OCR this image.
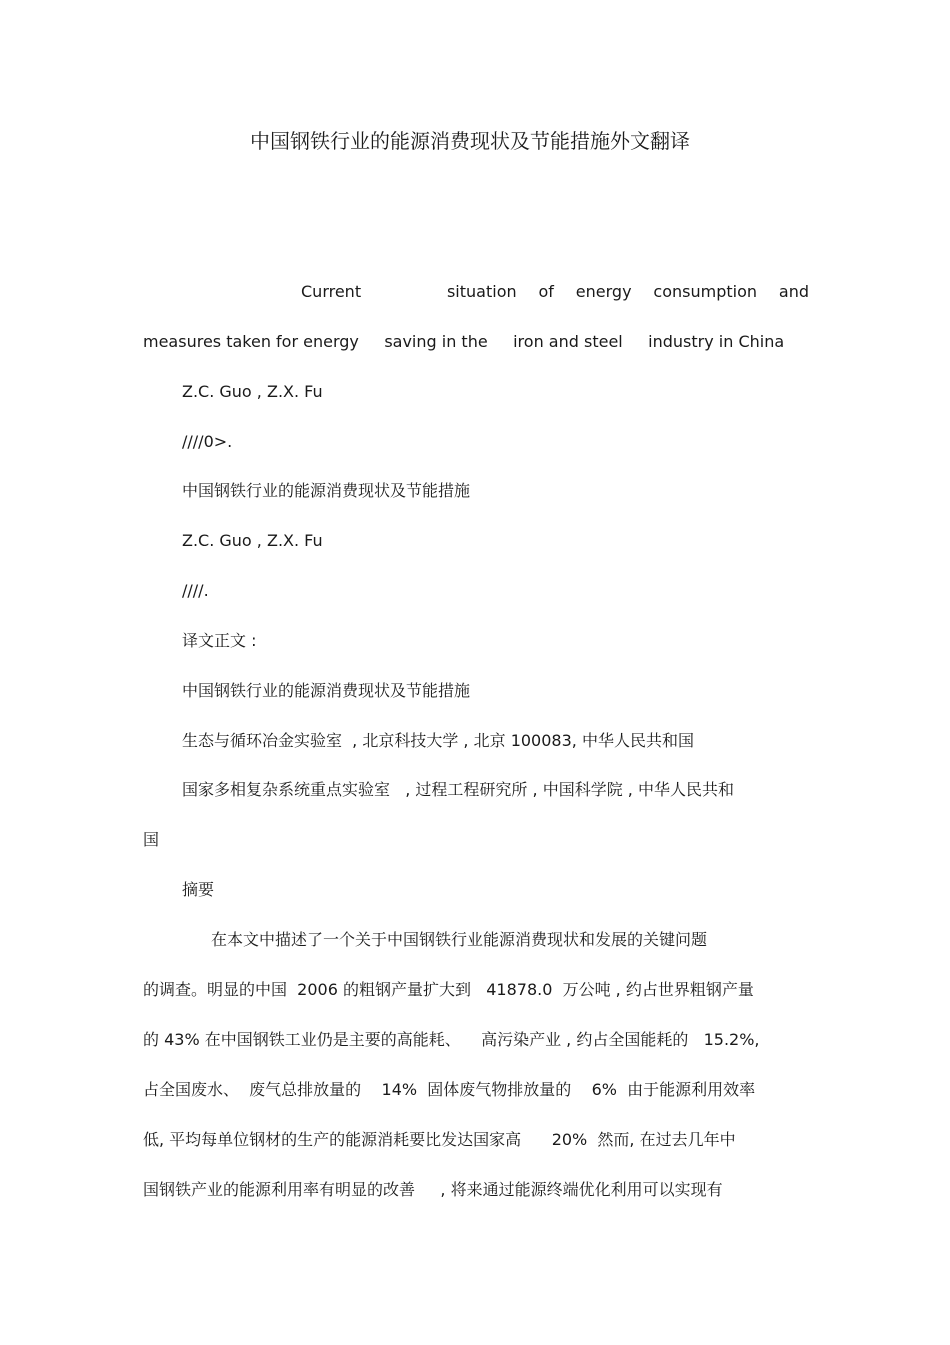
中国钢铁行业的能源消费现状及节能措施外文翻译
Current	situation of energy consumption and
measures taken for energy     saving in the     iron and steel     industry in China
Z.C. Guo , Z.X. Fu
////0>.
中国钢铁行业的能源消费现状及节能措施
Z.C. Guo , Z.X. Fu
////.
译文正文 :
中国钢铁行业的能源消费现状及节能措施
生态与循环冶金实验室  , 北京科技大学 , 北京 100083, 中华人民共和国
国家多相复杂系统重点实验室   , 过程工程研究所 , 中国科学院 , 中华人民共和
国
摘要
在本文中描述了一个关于中国钢铁行业能源消费现状和发展的关键问题
的调查。明显的中国  2006 的粗钢产量扩大到   41878.0  万公吨 , 约占世界粗钢产量
的 43% 在中国钢铁工业仍是主要的高能耗、    高污染产业 , 约占全国能耗的   15.2%,
占全国废水、  废气总排放量的    14%  固体废气物排放量的    6%  由于能源利用效率
低, 平均每单位钢材的生产的能源消耗要比发达国家高      20%  然而, 在过去几年中
国钢铁产业的能源利用率有明显的改善     , 将来通过能源终端优化利用可以实现有
